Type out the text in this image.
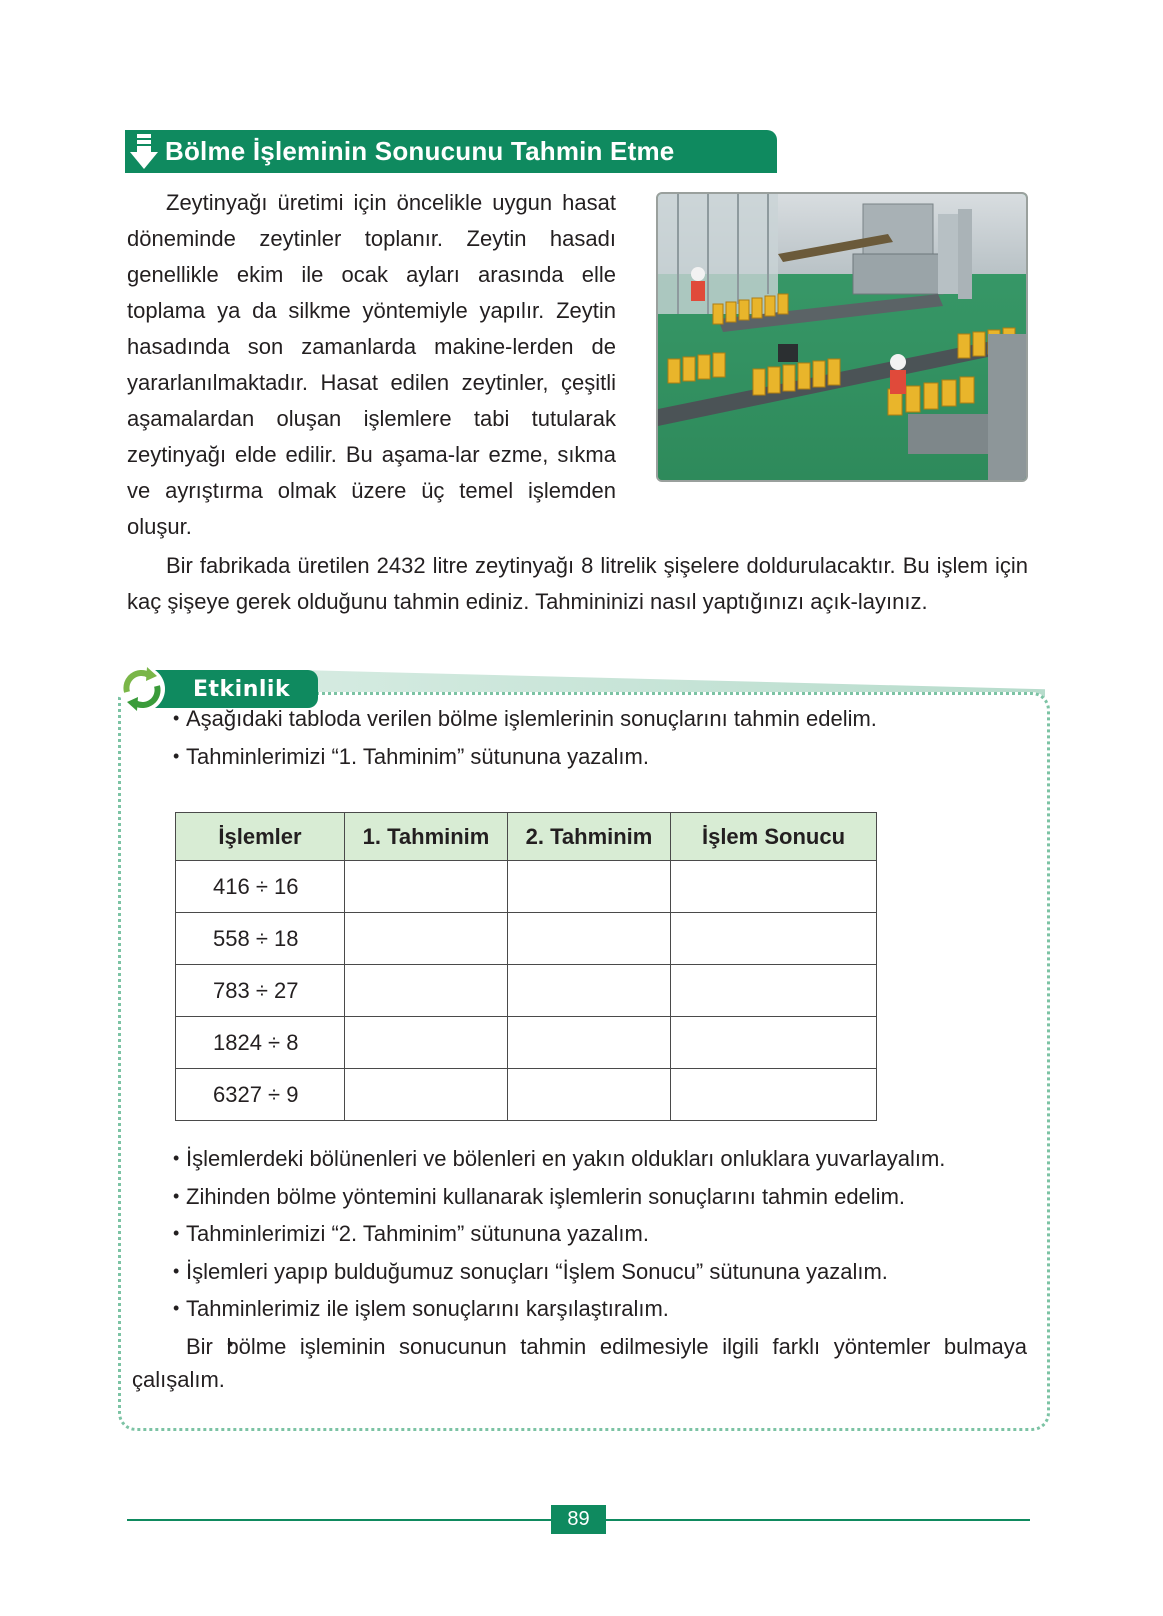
Bölme İşleminin Sonucunu Tahmin Etme

Zeytinyağı üretimi için öncelikle uygun hasat döneminde zeytinler toplanır. Zeytin hasadı genellikle ekim ile ocak ayları arasında elle toplama ya da silkme yöntemiyle yapılır. Zeytin hasadında son zamanlarda makine-lerden de yararlanılmaktadır. Hasat edilen zeytinler, çeşitli aşamalardan oluşan işlemlere tabi tutularak zeytinyağı elde edilir. Bu aşama-lar ezme, sıkma ve ayrıştırma olmak üzere üç temel işlemden oluşur.

Bir fabrikada üretilen 2432 litre zeytinyağı 8 litrelik şişelere doldurulacaktır. Bu işlem için kaç şişeye gerek olduğunu tahmin ediniz. Tahmininizi nasıl yaptığınızı açık-layınız.

Etkinlik
• Aşağıdaki tabloda verilen bölme işlemlerinin sonuçlarını tahmin edelim.
• Tahminlerimizi “1. Tahminim” sütununa yazalım.
İşlemler	1. Tahminim	2. Tahminim	İşlem Sonucu
416 ÷ 16			
558 ÷ 18			
783 ÷ 27			
1824 ÷ 8			
6327 ÷ 9			
• İşlemlerdeki bölünenleri ve bölenleri en yakın oldukları onluklara yuvarlayalım.
• Zihinden bölme yöntemini kullanarak işlemlerin sonuçlarını tahmin edelim.
• Tahminlerimizi “2. Tahminim” sütununa yazalım.
• İşlemleri yapıp bulduğumuz sonuçları “İşlem Sonucu” sütununa yazalım.
• Tahminlerimiz ile işlem sonuçlarını karşılaştıralım.
• Bir bölme işleminin sonucunun tahmin edilmesiyle ilgili farklı yöntemler bulmaya çalışalım.
89
